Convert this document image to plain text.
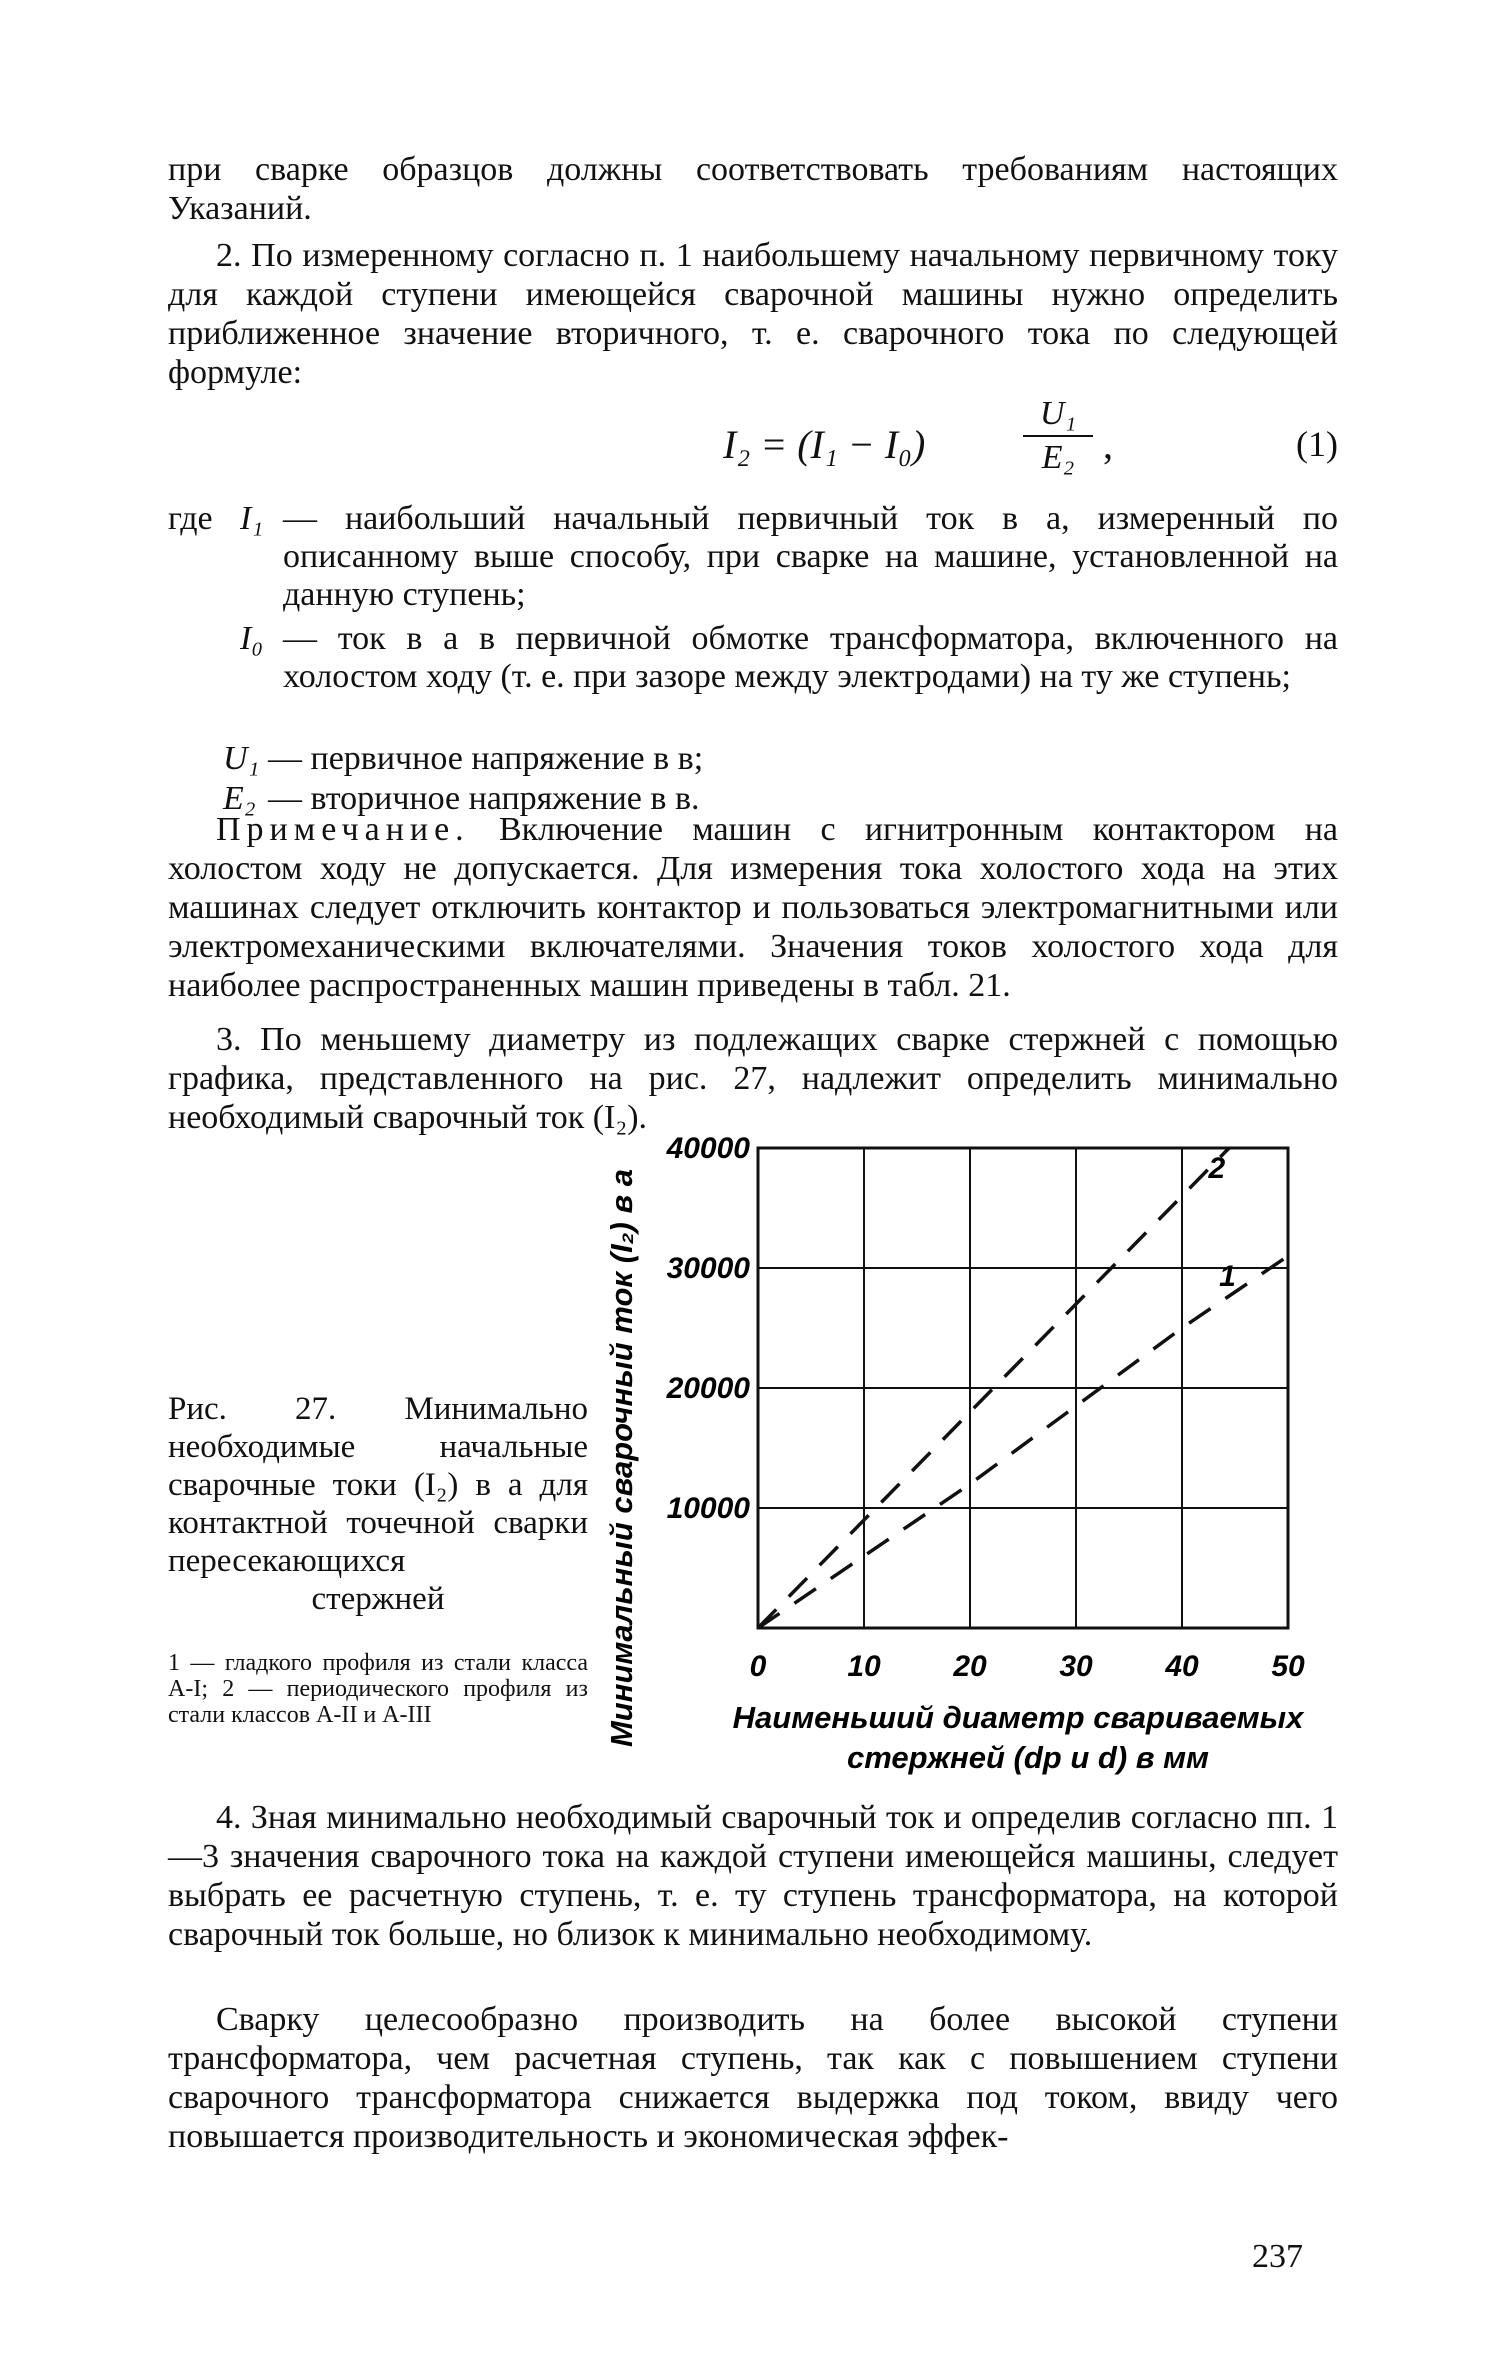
при сварке образцов должны соответствовать требованиям настоящих Указаний.

2. По измеренному согласно п. 1 наибольшему начальному первичному току для каждой ступени имеющейся сварочной машины нужно определить приближенное значение вторичного, т. е. сварочного тока по следующей формуле:

I₂ = (I₁ − I₀)
U₁
E₂ ,	(1)
где I₁ — наибольший начальный первичный ток в а, измеренный по описанному выше способу, при сварке на машине, установленной на данную ступень;
I₀ — ток в а в первичной обмотке трансформатора, включенного на холостом ходу (т. е. при зазоре между электродами) на ту же ступень;
U₁ — первичное напряжение в в;
E₂ — вторичное напряжение в в.

Примечание. Включение машин с игнитронным контактором на холостом ходу не допускается. Для измерения тока холостого хода на этих машинах следует отключить контактор и пользоваться электромагнитными или электромеханическими включателями. Значения токов холостого хода для наиболее распространенных машин приведены в табл. 21.

3. По меньшему диаметру из подлежащих сварке стержней с помощью графика, представленного на рис. 27, надлежит определить минимально необходимый сварочный ток (I₂).

Рис. 27. Минимально необходимые начальные сварочные токи (I₂) в а для контактной точечной сварки пересекающихся
стержней

1 — гладкого профиля из стали класса А-I; 2 — периодического профиля из стали классов А-II и А-III
2
1
0	10 20 30 40 50
10000
20000
30000
40000
Наименьший диаметр свариваемых
стержней (dp и d) в мм
Минимальный сварочный ток (I₂) в а

4. Зная минимально необходимый сварочный ток и определив согласно пп. 1—3 значения сварочного тока на каждой ступени имеющейся машины, следует выбрать ее расчетную ступень, т. е. ту ступень трансформатора, на которой сварочный ток больше, но близок к минимально необходимому.

Сварку целесообразно производить на более высокой ступени трансформатора, чем расчетная ступень, так как с повышением ступени сварочного трансформатора снижается выдержка под током, ввиду чего повышается производительность и экономическая эффек-

237
